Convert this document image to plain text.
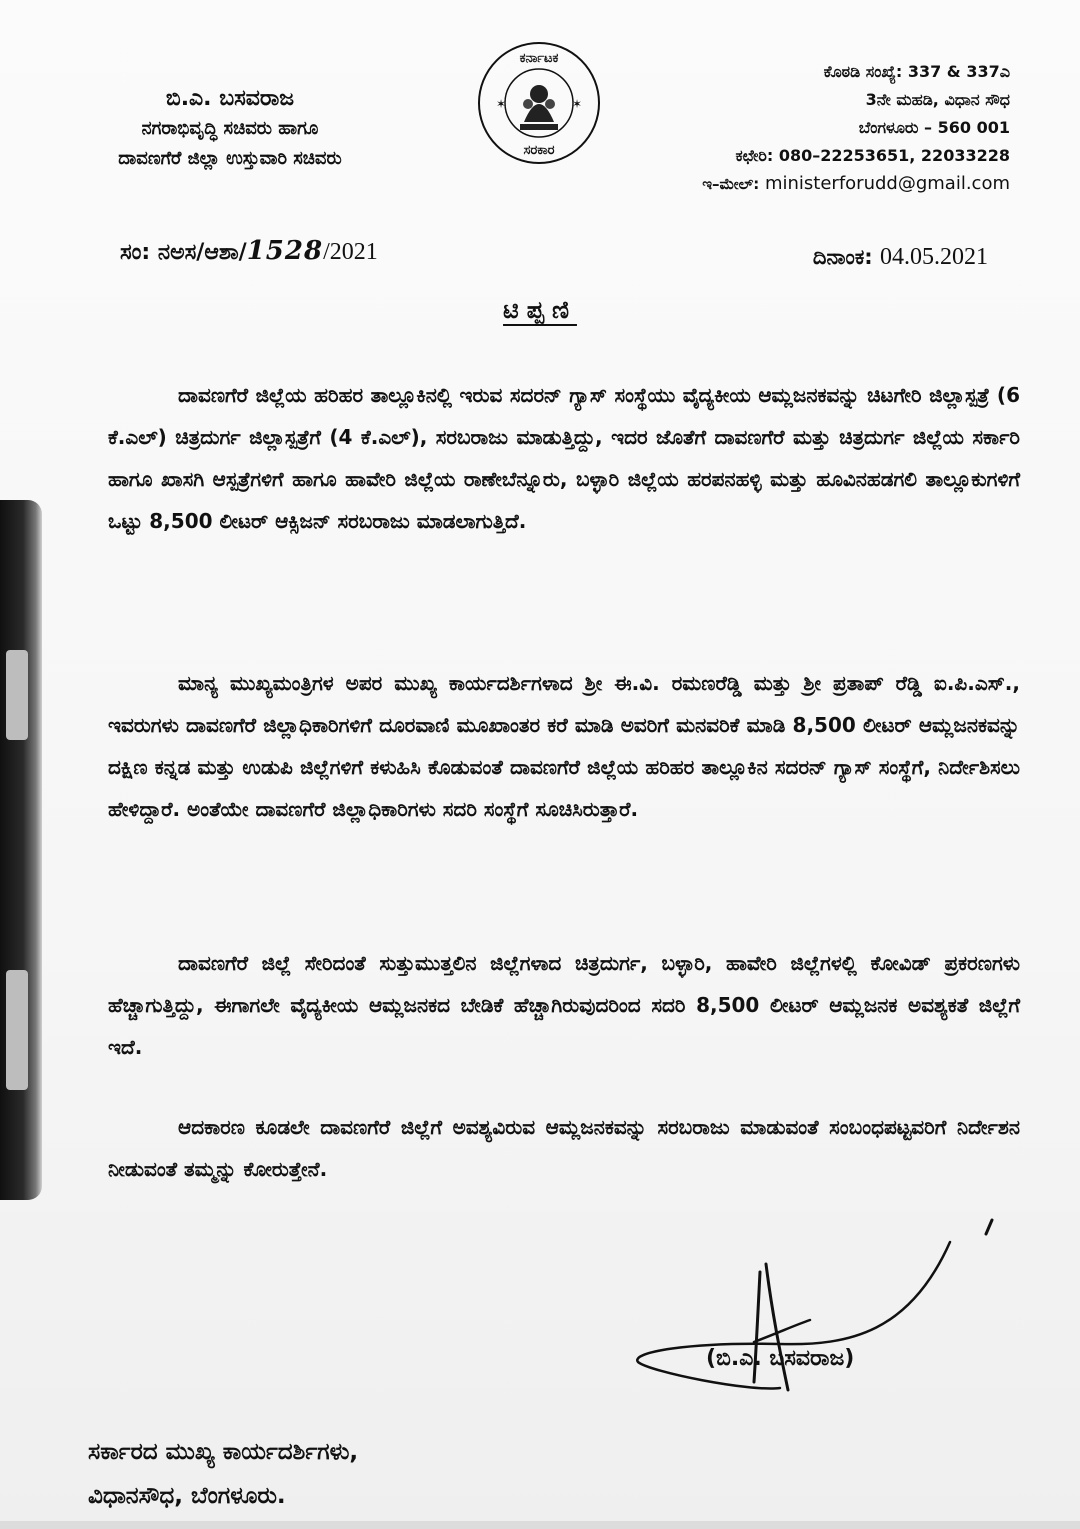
ಬಿ.ಎ. ಬಸವರಾಜ
ನಗರಾಭಿವೃದ್ಧಿ ಸಚಿವರು ಹಾಗೂ
ದಾವಣಗೆರೆ ಜಿಲ್ಲಾ ಉಸ್ತುವಾರಿ ಸಚಿವರು
✶	✶
ಕರ್ನಾಟಕ
ಸರಕಾರ
ಕೊಠಡಿ ಸಂಖ್ಯೆ: 337 & 337ಎ
3ನೇ ಮಹಡಿ, ವಿಧಾನ ಸೌಧ
ಬೆಂಗಳೂರು – 560 001
ಕಛೇರಿ: 080–22253651, 22033228
ಇ–ಮೇಲ್: ministerforudd@gmail.com
ಸಂ: ನಅಸ/ಆಶಾ/1528/2021	ದಿನಾಂಕ: 04.05.2021
ಟಿಪ್ಪಣಿ

ದಾವಣಗೆರೆ ಜಿಲ್ಲೆಯ ಹರಿಹರ ತಾಲ್ಲೂಕಿನಲ್ಲಿ ಇರುವ ಸದರನ್ ಗ್ಯಾಸ್ ಸಂಸ್ಥೆಯು ವೈದ್ಯಕೀಯ ಆಮ್ಲಜನಕವನ್ನು ಚಿಟಗೇರಿ ಜಿಲ್ಲಾಸ್ಪತ್ರೆ (6 ಕೆ.ಎಲ್) ಚಿತ್ರದುರ್ಗ ಜಿಲ್ಲಾಸ್ಪತ್ರೆಗೆ (4 ಕೆ.ಎಲ್), ಸರಬರಾಜು ಮಾಡುತ್ತಿದ್ದು, ಇದರ ಜೊತೆಗೆ ದಾವಣಗೆರೆ ಮತ್ತು ಚಿತ್ರದುರ್ಗ ಜಿಲ್ಲೆಯ ಸರ್ಕಾರಿ ಹಾಗೂ ಖಾಸಗಿ ಆಸ್ಪತ್ರೆಗಳಿಗೆ ಹಾಗೂ ಹಾವೇರಿ ಜಿಲ್ಲೆಯ ರಾಣೇಬೆನ್ನೂರು, ಬಳ್ಳಾರಿ ಜಿಲ್ಲೆಯ ಹರಪನಹಳ್ಳಿ ಮತ್ತು ಹೂವಿನಹಡಗಲಿ ತಾಲ್ಲೂಕುಗಳಿಗೆ ಒಟ್ಟು 8,500 ಲೀಟರ್ ಆಕ್ಸಿಜನ್ ಸರಬರಾಜು ಮಾಡಲಾಗುತ್ತಿದೆ.

ಮಾನ್ಯ ಮುಖ್ಯಮಂತ್ರಿಗಳ ಅಪರ ಮುಖ್ಯ ಕಾರ್ಯದರ್ಶಿಗಳಾದ ಶ್ರೀ ಈ.ವಿ. ರಮಣರೆಡ್ಡಿ ಮತ್ತು ಶ್ರೀ ಪ್ರತಾಪ್ ರೆಡ್ಡಿ ಐ.ಪಿ.ಎಸ್., ಇವರುಗಳು ದಾವಣಗೆರೆ ಜಿಲ್ಲಾಧಿಕಾರಿಗಳಿಗೆ ದೂರವಾಣಿ ಮೂಖಾಂತರ ಕರೆ ಮಾಡಿ ಅವರಿಗೆ ಮನವರಿಕೆ ಮಾಡಿ 8,500 ಲೀಟರ್ ಆಮ್ಲಜನಕವನ್ನು ದಕ್ಷಿಣ ಕನ್ನಡ ಮತ್ತು ಉಡುಪಿ ಜಿಲ್ಲೆಗಳಿಗೆ ಕಳುಹಿಸಿ ಕೊಡುವಂತೆ ದಾವಣಗೆರೆ ಜಿಲ್ಲೆಯ ಹರಿಹರ ತಾಲ್ಲೂಕಿನ ಸದರನ್ ಗ್ಯಾಸ್ ಸಂಸ್ಥೆಗೆ, ನಿರ್ದೇಶಿಸಲು ಹೇಳಿದ್ದಾರೆ. ಅಂತೆಯೇ ದಾವಣಗೆರೆ ಜಿಲ್ಲಾಧಿಕಾರಿಗಳು ಸದರಿ ಸಂಸ್ಥೆಗೆ ಸೂಚಿಸಿರುತ್ತಾರೆ.

ದಾವಣಗೆರೆ ಜಿಲ್ಲೆ ಸೇರಿದಂತೆ ಸುತ್ತುಮುತ್ತಲಿನ ಜಿಲ್ಲೆಗಳಾದ ಚಿತ್ರದುರ್ಗ, ಬಳ್ಳಾರಿ, ಹಾವೇರಿ ಜಿಲ್ಲೆಗಳಲ್ಲಿ ಕೋವಿಡ್ ಪ್ರಕರಣಗಳು ಹೆಚ್ಚಾಗುತ್ತಿದ್ದು, ಈಗಾಗಲೇ ವೈದ್ಯಕೀಯ ಆಮ್ಲಜನಕದ ಬೇಡಿಕೆ ಹೆಚ್ಚಾಗಿರುವುದರಿಂದ ಸದರಿ 8,500 ಲೀಟರ್ ಆಮ್ಲಜನಕ ಅವಶ್ಯಕತೆ ಜಿಲ್ಲೆಗೆ ಇದೆ.

ಆದಕಾರಣ ಕೂಡಲೇ ದಾವಣಗೆರೆ ಜಿಲ್ಲೆಗೆ ಅವಶ್ಯವಿರುವ ಆಮ್ಲಜನಕವನ್ನು ಸರಬರಾಜು ಮಾಡುವಂತೆ ಸಂಬಂಧಪಟ್ಟವರಿಗೆ ನಿರ್ದೇಶನ ನೀಡುವಂತೆ ತಮ್ಮನ್ನು ಕೋರುತ್ತೇನೆ.

(ಬಿ.ಎ. ಬಸವರಾಜ)
ಸರ್ಕಾರದ ಮುಖ್ಯ ಕಾರ್ಯದರ್ಶಿಗಳು,
ವಿಧಾನಸೌಧ, ಬೆಂಗಳೂರು.
